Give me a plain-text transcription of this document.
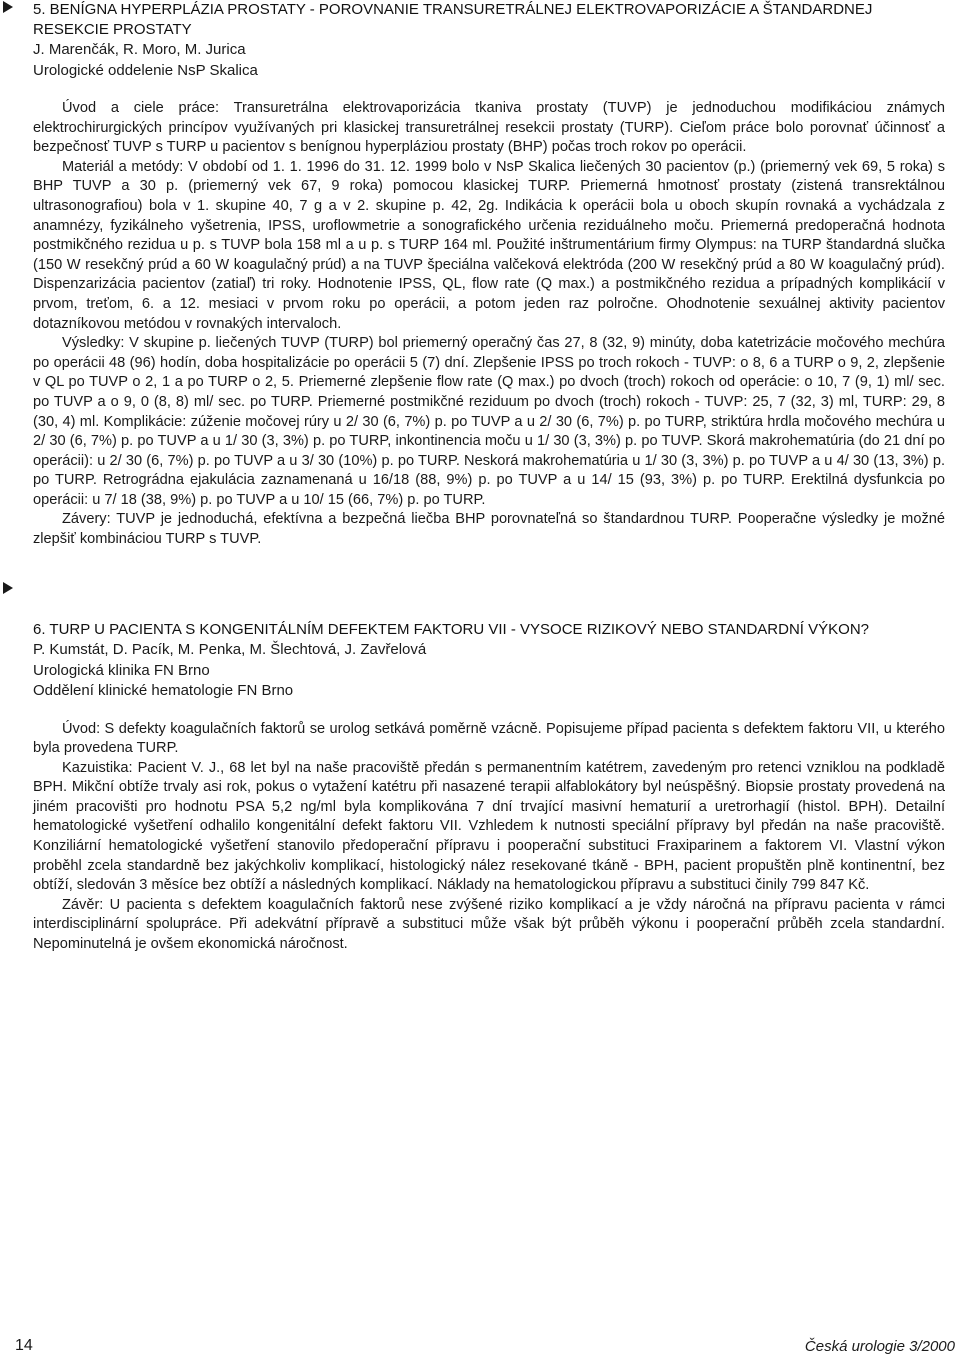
5. BENÍGNA HYPERPLÁZIA PROSTATY - POROVNANIE TRANSURETRÁLNEJ ELEKTROVAPORIZÁCIE A ŠTANDARDNEJ RESEKCIE PROSTATY

J. Marenčák, R. Moro, M. Jurica

Urologické oddelenie NsP Skalica

Úvod a ciele práce: Transuretrálna elektrovaporizácia tkaniva prostaty (TUVP) je jednoduchou modifikáciou známych elektrochirurgických princípov využívaných pri klasickej transuretrálnej resekcii prostaty (TURP). Cieľom práce bolo porovnať účinnosť a bezpečnosť TUVP s TURP u pacientov s benígnou hyperpláziou prostaty (BHP) počas troch rokov po operácii.

Materiál a metódy: V období od 1. 1. 1996 do 31. 12. 1999 bolo v NsP Skalica liečených 30 pacientov (p.) (priemerný vek 69, 5 roka) s BHP TUVP a 30 p. (priemerný vek 67, 9 roka) pomocou klasickej TURP. Priemerná hmotnosť prostaty (zistená transrektálnou ultrasonografiou) bola v 1. skupine 40, 7 g a v 2. skupine p. 42, 2g. Indikácia k operácii bola u oboch skupín rovnaká a vychádzala z anamnézy, fyzikálneho vyšetrenia, IPSS, uroflowmetrie a sonografického určenia reziduálneho moču. Priemerná predoperačná hodnota postmikčného rezidua u p. s TUVP bola 158 ml a u p. s TURP 164 ml. Použité inštrumentárium firmy Olympus: na TURP štandardná slučka (150 W resekčný prúd a 60 W koagulačný prúd) a na TUVP špeciálna valčeková elektróda (200 W resekčný prúd a 80 W koagulačný prúd). Dispenzarizácia pacientov (zatiaľ) tri roky. Hodnotenie IPSS, QL, flow rate (Q max.) a postmikčného rezidua a prípadných komplikácií v prvom, treťom, 6. a 12. mesiaci v prvom roku po operácii, a potom jeden raz polročne. Ohodnotenie sexuálnej aktivity pacientov dotazníkovou metódou v rovnakých intervaloch.

Výsledky: V skupine p. liečených TUVP (TURP) bol priemerný operačný čas 27, 8 (32, 9) minúty, doba katetrizácie močového mechúra po operácii 48 (96) hodín, doba hospitalizácie po operácii 5 (7) dní. Zlepšenie IPSS po troch rokoch - TUVP: o 8, 6 a TURP o 9, 2, zlepšenie v QL po TUVP o 2, 1 a po TURP o 2, 5. Priemerné zlepšenie flow rate (Q max.) po dvoch (troch) rokoch od operácie: o 10, 7 (9, 1) ml/ sec. po TUVP a o 9, 0 (8, 8) ml/ sec. po TURP. Priemerné postmikčné reziduum po dvoch (troch) rokoch - TUVP: 25, 7 (32, 3) ml, TURP: 29, 8 (30, 4) ml. Komplikácie: zúženie močovej rúry u 2/ 30 (6, 7%) p. po TUVP a u 2/ 30 (6, 7%) p. po TURP, striktúra hrdla močového mechúra u 2/ 30 (6, 7%) p. po TUVP a u 1/ 30 (3, 3%) p. po TURP, inkontinencia moču u 1/ 30 (3, 3%) p. po TUVP. Skorá makrohematúria (do 21 dní po operácii): u 2/ 30 (6, 7%) p. po TUVP a u 3/ 30 (10%) p. po TURP. Neskorá makrohematúria u 1/ 30 (3, 3%) p. po TUVP a u 4/ 30 (13, 3%) p. po TURP. Retrográdna ejakulácia zaznamenaná u 16/18 (88, 9%) p. po TUVP a u 14/ 15 (93, 3%) p. po TURP. Erektilná dysfunkcia po operácii: u 7/ 18 (38, 9%) p. po TUVP a u 10/ 15 (66, 7%) p. po TURP.

Závery: TUVP je jednoduchá, efektívna a bezpečná liečba BHP porovnateľná so štandardnou TURP. Pooperačne výsledky je možné zlepšiť kombináciou TURP s TUVP.

6. TURP U PACIENTA S KONGENITÁLNÍM DEFEKTEM FAKTORU VII - VYSOCE RIZIKOVÝ NEBO STANDARDNÍ VÝKON?

P. Kumstát, D. Pacík, M. Penka, M. Šlechtová, J. Zavřelová

Urologická klinika FN Brno

Oddělení klinické hematologie FN Brno

Úvod: S defekty koagulačních faktorů se urolog setkává poměrně vzácně. Popisujeme případ pacienta s defektem faktoru VII, u kterého byla provedena TURP.

Kazuistika: Pacient V. J., 68 let byl na naše pracoviště předán s permanentním katétrem, zavedeným pro retenci vzniklou na podkladě BPH. Mikční obtíže trvaly asi rok, pokus o vytažení katétru při nasazené terapii alfablokátory byl neúspěšný. Biopsie prostaty provedená na jiném pracovišti pro hodnotu PSA 5,2 ng/ml byla komplikována 7 dní trvající masivní hematurií a uretrorhagií (histol. BPH). Detailní hematologické vyšetření odhalilo kongenitální defekt faktoru VII. Vzhledem k nutnosti speciální přípravy byl předán na naše pracoviště. Konziliární hematologické vyšetření stanovilo předoperační přípravu i pooperační substituci Fraxiparinem a faktorem VI. Vlastní výkon proběhl zcela standardně bez jakýchkoliv komplikací, histologický nález resekované tkáně - BPH, pacient propuštěn plně kontinentní, bez obtíží, sledován 3 měsíce bez obtíží a následných komplikací. Náklady na hematologickou přípravu a substituci činily 799 847 Kč.

Závěr: U pacienta s defektem koagulačních faktorů nese zvýšené riziko komplikací a je vždy náročná na přípravu pacienta v rámci interdisciplinární spolupráce. Při adekvátní přípravě a substituci může však být průběh výkonu i pooperační průběh zcela standardní. Nepominutelná je ovšem ekonomická náročnost.

14	Česká urologie 3/2000
